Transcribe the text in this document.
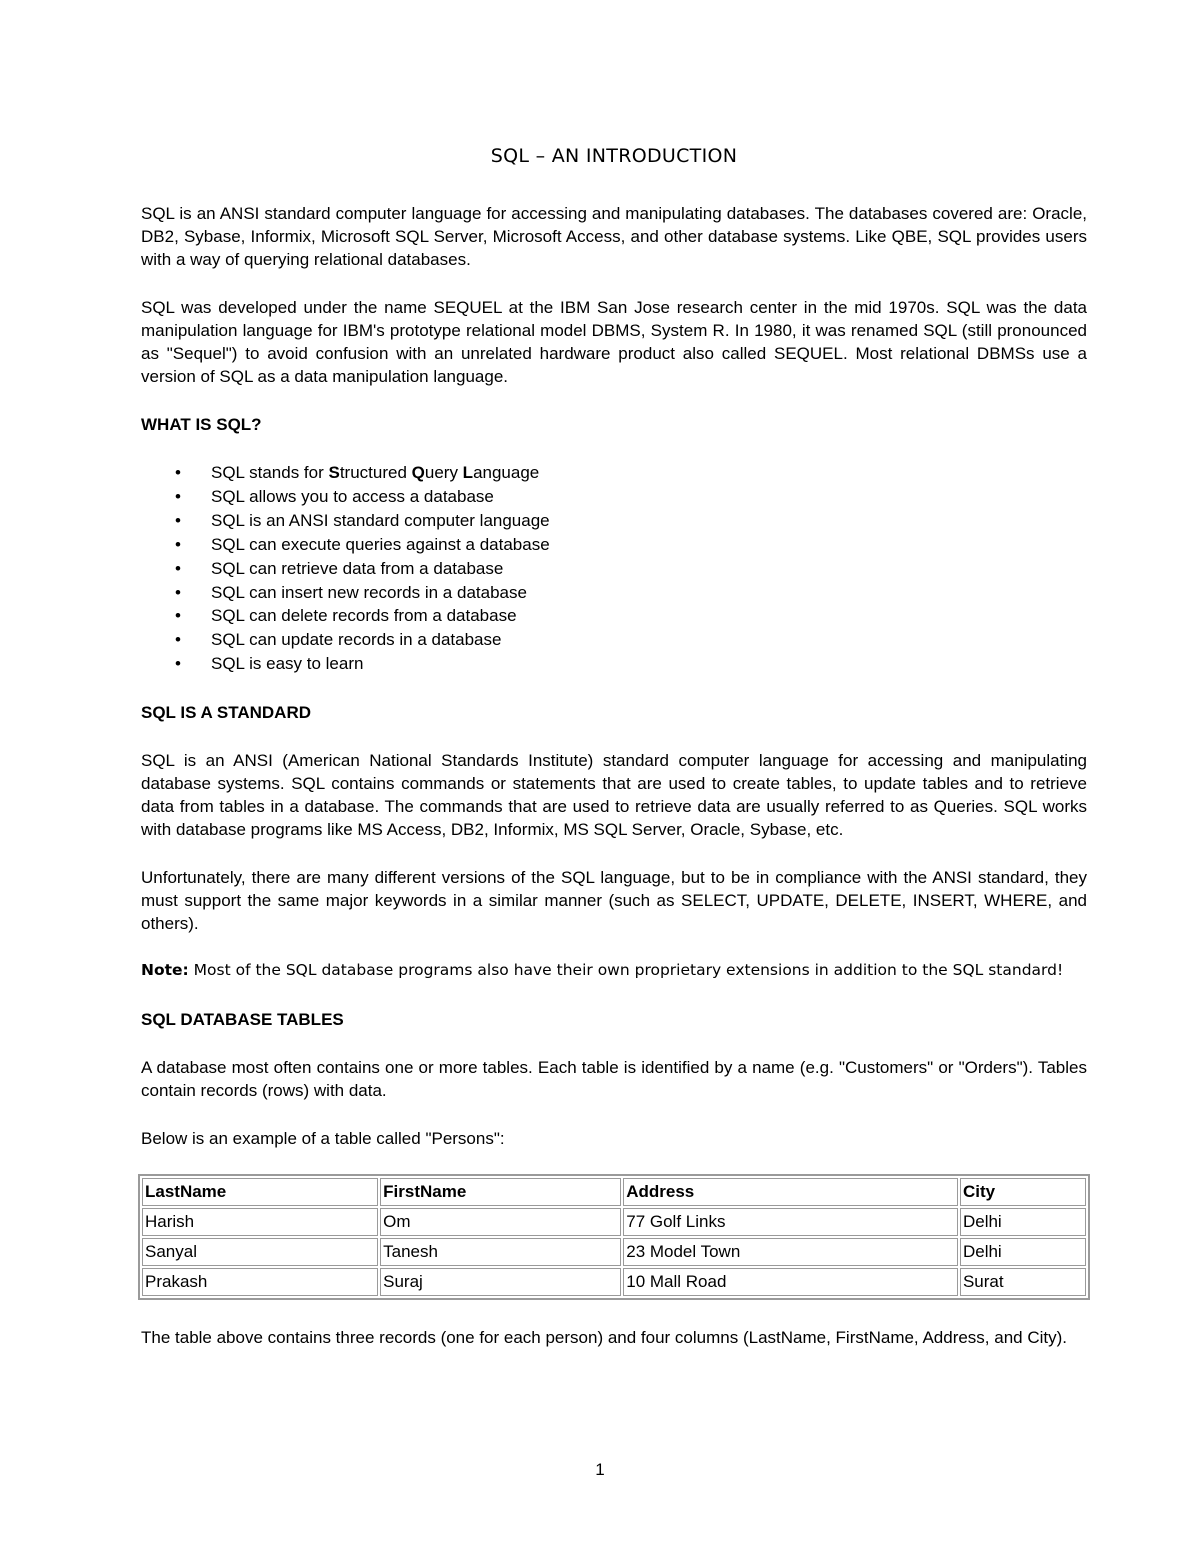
SQL – AN INTRODUCTION

SQL is an ANSI standard computer language for accessing and manipulating databases. The databases covered are: Oracle, DB2, Sybase, Informix, Microsoft SQL Server, Microsoft Access, and other database systems. Like QBE, SQL provides users with a way of querying relational databases.

SQL was developed under the name SEQUEL at the IBM San Jose research center in the mid 1970s. SQL was the data manipulation language for IBM's prototype relational model DBMS, System R. In 1980, it was renamed SQL (still pronounced as "Sequel") to avoid confusion with an unrelated hardware product also called SEQUEL. Most relational DBMSs use a version of SQL as a data manipulation language.

WHAT IS SQL?
• SQL stands for Structured Query Language
• SQL allows you to access a database
• SQL is an ANSI standard computer language
• SQL can execute queries against a database
• SQL can retrieve data from a database
• SQL can insert new records in a database
• SQL can delete records from a database
• SQL can update records in a database
• SQL is easy to learn
SQL IS A STANDARD

SQL is an ANSI (American National Standards Institute) standard computer language for accessing and manipulating database systems. SQL contains commands or statements that are used to create tables, to update tables and to retrieve data from tables in a database. The commands that are used to retrieve data are usually referred to as Queries. SQL works with database programs like MS Access, DB2, Informix, MS SQL Server, Oracle, Sybase, etc.

Unfortunately, there are many different versions of the SQL language, but to be in compliance with the ANSI standard, they must support the same major keywords in a similar manner (such as SELECT, UPDATE, DELETE, INSERT, WHERE, and others).

Note: Most of the SQL database programs also have their own proprietary extensions in addition to the SQL standard!

SQL DATABASE TABLES

A database most often contains one or more tables. Each table is identified by a name (e.g. "Customers" or "Orders"). Tables contain records (rows) with data.

Below is an example of a table called "Persons":

LastName	FirstName	Address	City
Harish	Om	77 Golf Links	Delhi
Sanyal	Tanesh	23 Model Town	Delhi
Prakash	Suraj	10 Mall Road	Surat

The table above contains three records (one for each person) and four columns (LastName, FirstName, Address, and City).

1
